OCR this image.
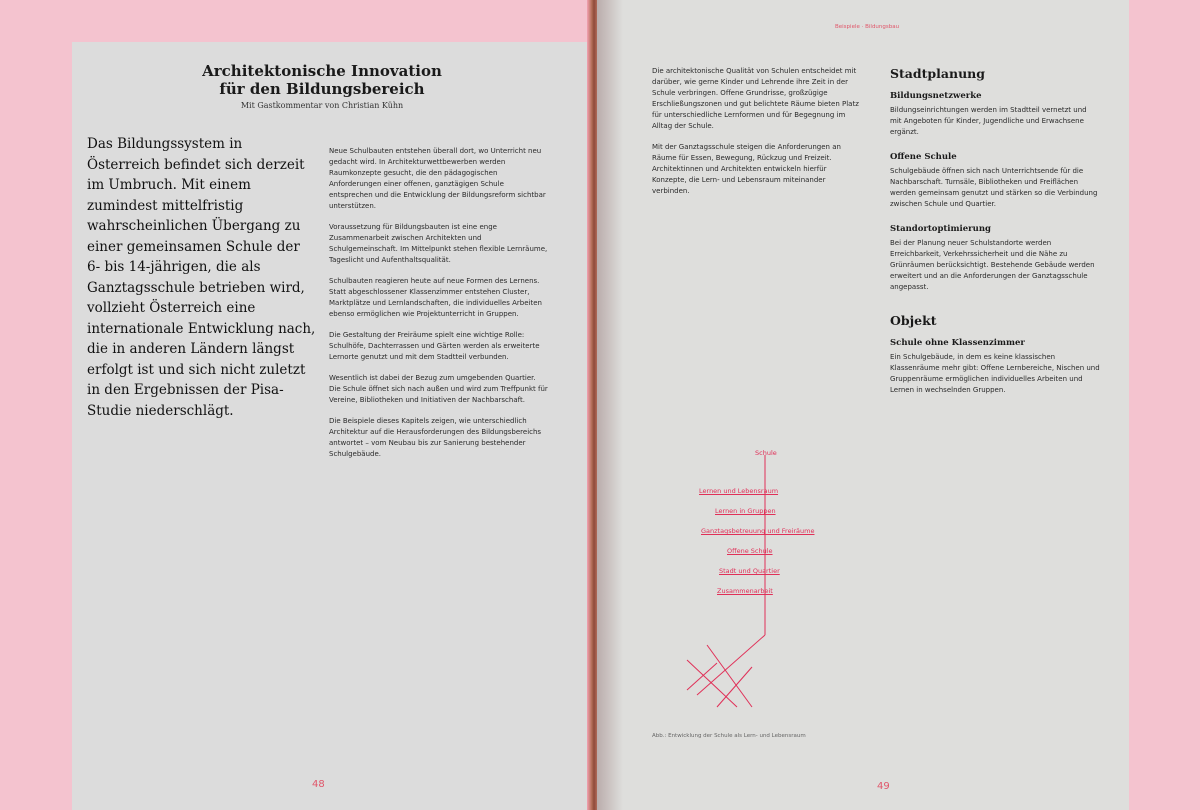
Architektonische Innovation
für den Bildungsbereich
Mit Gastkommentar von Christian Kühn

Das Bildungssystem in Österreich befindet sich derzeit im Umbruch. Mit einem zumindest mittelfristig wahrscheinlichen Übergang zu einer gemeinsamen Schule der 6- bis 14-jährigen, die als Ganztagsschule betrieben wird, vollzieht Österreich eine internationale Entwicklung nach, die in anderen Ländern längst erfolgt ist und sich nicht zuletzt in den Ergebnissen der Pisa-Studie niederschlägt.

Neue Schulbauten entstehen überall dort, wo Unterricht neu gedacht wird. In Architekturwettbewerben werden Raumkonzepte gesucht, die den pädagogischen Anforderungen einer offenen, ganztägigen Schule entsprechen und die Entwicklung der Bildungsreform sichtbar unterstützen.

Voraussetzung für Bildungsbauten ist eine enge Zusammenarbeit zwischen Architekten und Schulgemeinschaft. Im Mittelpunkt stehen flexible Lernräume, Tageslicht und Aufenthaltsqualität.

Schulbauten reagieren heute auf neue Formen des Lernens. Statt abgeschlossener Klassenzimmer entstehen Cluster, Marktplätze und Lernlandschaften, die individuelles Arbeiten ebenso ermöglichen wie Projektunterricht in Gruppen.

Die Gestaltung der Freiräume spielt eine wichtige Rolle: Schulhöfe, Dachterrassen und Gärten werden als erweiterte Lernorte genutzt und mit dem Stadtteil verbunden.

Wesentlich ist dabei der Bezug zum umgebenden Quartier. Die Schule öffnet sich nach außen und wird zum Treffpunkt für Vereine, Bibliotheken und Initiativen der Nachbarschaft.

Die Beispiele dieses Kapitels zeigen, wie unterschiedlich Architektur auf die Herausforderungen des Bildungsbereichs antwortet – vom Neubau bis zur Sanierung bestehender Schulgebäude.

48
Beispiele · Bildungsbau

Die architektonische Qualität von Schulen entscheidet mit darüber, wie gerne Kinder und Lehrende ihre Zeit in der Schule verbringen. Offene Grundrisse, großzügige Erschließungszonen und gut belichtete Räume bieten Platz für unterschiedliche Lernformen und für Begegnung im Alltag der Schule.

Mit der Ganztagsschule steigen die Anforderungen an Räume für Essen, Bewegung, Rückzug und Freizeit. Architektinnen und Architekten entwickeln hierfür Konzepte, die Lern- und Lebensraum miteinander verbinden.

Schule
Lernen und Lebensraum
Lernen in Gruppen
Ganztagsbetreuung und Freiräume
Offene Schule
Stadt und Quartier
Zusammenarbeit
Abb.: Entwicklung der Schule als Lern- und Lebensraum
Stadtplanung
Bildungsnetzwerke
Bildungseinrichtungen werden im Stadtteil vernetzt und mit Angeboten für Kinder, Jugendliche und Erwachsene ergänzt.
Offene Schule
Schulgebäude öffnen sich nach Unterrichtsende für die Nachbarschaft. Turnsäle, Bibliotheken und Freiflächen werden gemeinsam genutzt und stärken so die Verbindung zwischen Schule und Quartier.
Standortoptimierung
Bei der Planung neuer Schulstandorte werden Erreichbarkeit, Verkehrssicherheit und die Nähe zu Grünräumen berücksichtigt. Bestehende Gebäude werden erweitert und an die Anforderungen der Ganztagsschule angepasst.
Objekt
Schule ohne Klassenzimmer
Ein Schulgebäude, in dem es keine klassischen Klassenräume mehr gibt: Offene Lernbereiche, Nischen und Gruppenräume ermöglichen individuelles Arbeiten und Lernen in wechselnden Gruppen.
49
